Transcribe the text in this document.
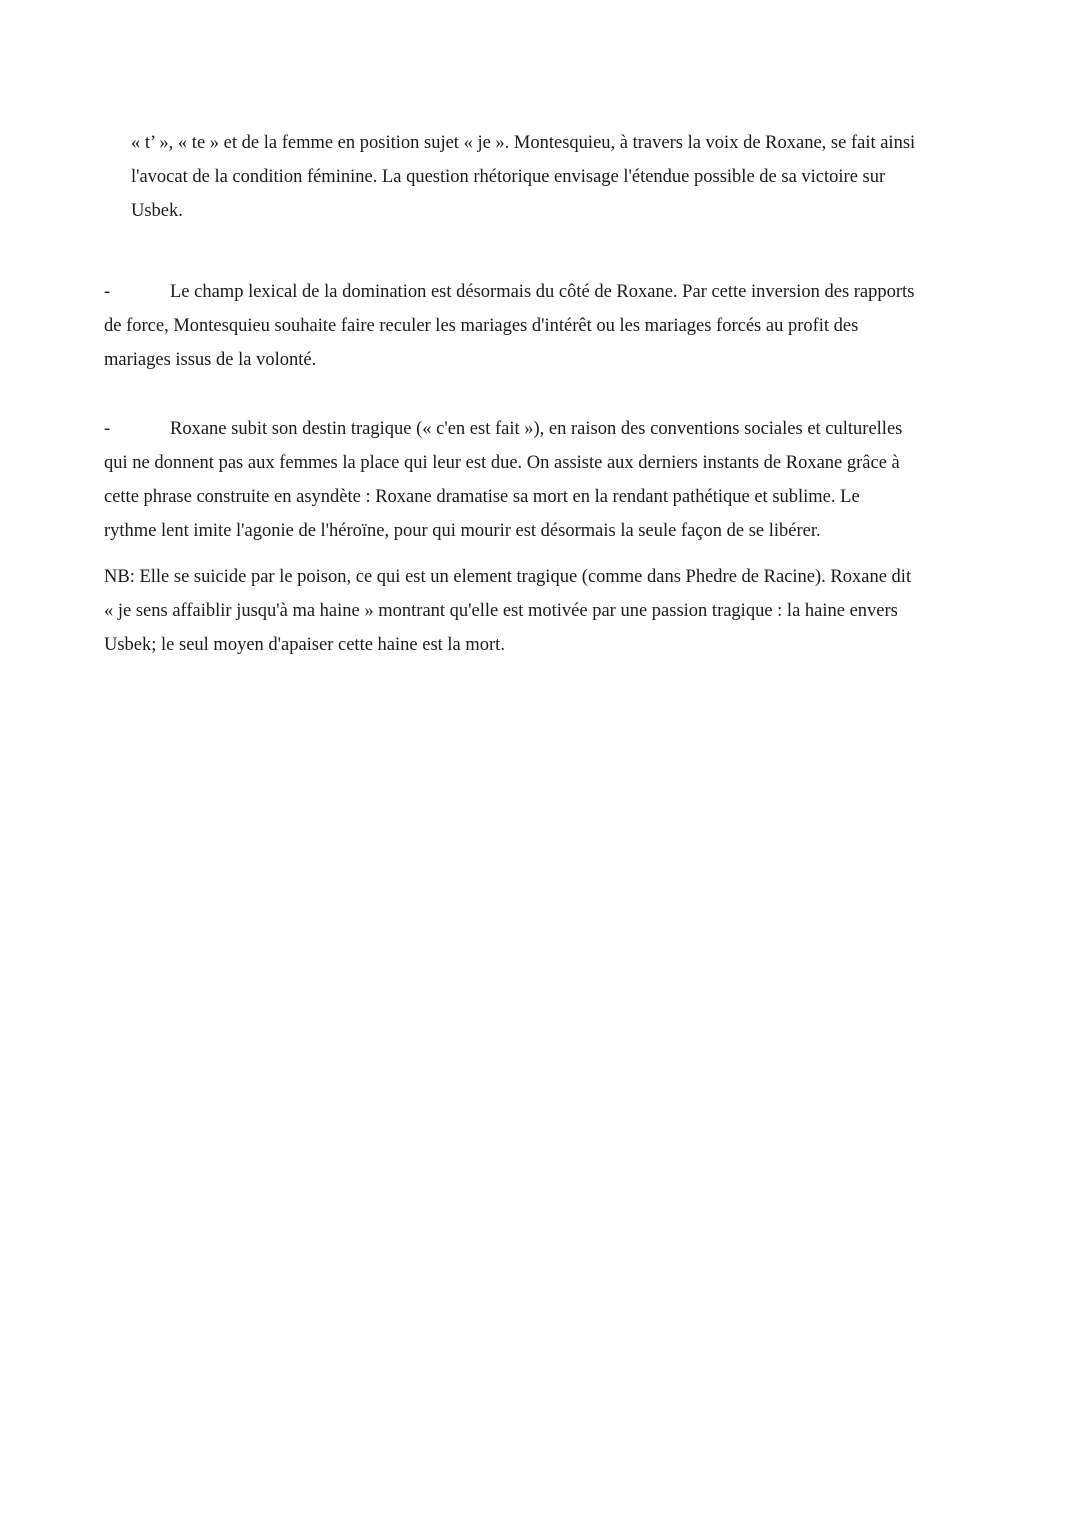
« t’ », « te » et de la femme en position sujet « je ». Montesquieu, à travers la voix de Roxane, se fait ainsi
l'avocat de la condition féminine. La question rhétorique envisage l'étendue possible de sa victoire sur
Usbek.
-	Le champ lexical de la domination est désormais du côté de Roxane. Par cette inversion des rapports
de force, Montesquieu souhaite faire reculer les mariages d'intérêt ou les mariages forcés au profit des
mariages issus de la volonté.
-	Roxane subit son destin tragique (« c'en est fait »), en raison des conventions sociales et culturelles
qui ne donnent pas aux femmes la place qui leur est due. On assiste aux derniers instants de Roxane grâce à
cette phrase construite en asyndète : Roxane dramatise sa mort en la rendant pathétique et sublime. Le
rythme lent imite l'agonie de l'héroïne, pour qui mourir est désormais la seule façon de se libérer.
NB: Elle se suicide par le poison, ce qui est un element tragique (comme dans Phedre de Racine). Roxane dit
« je sens affaiblir jusqu'à ma haine » montrant qu'elle est motivée par une passion tragique : la haine envers
Usbek; le seul moyen d'apaiser cette haine est la mort.
